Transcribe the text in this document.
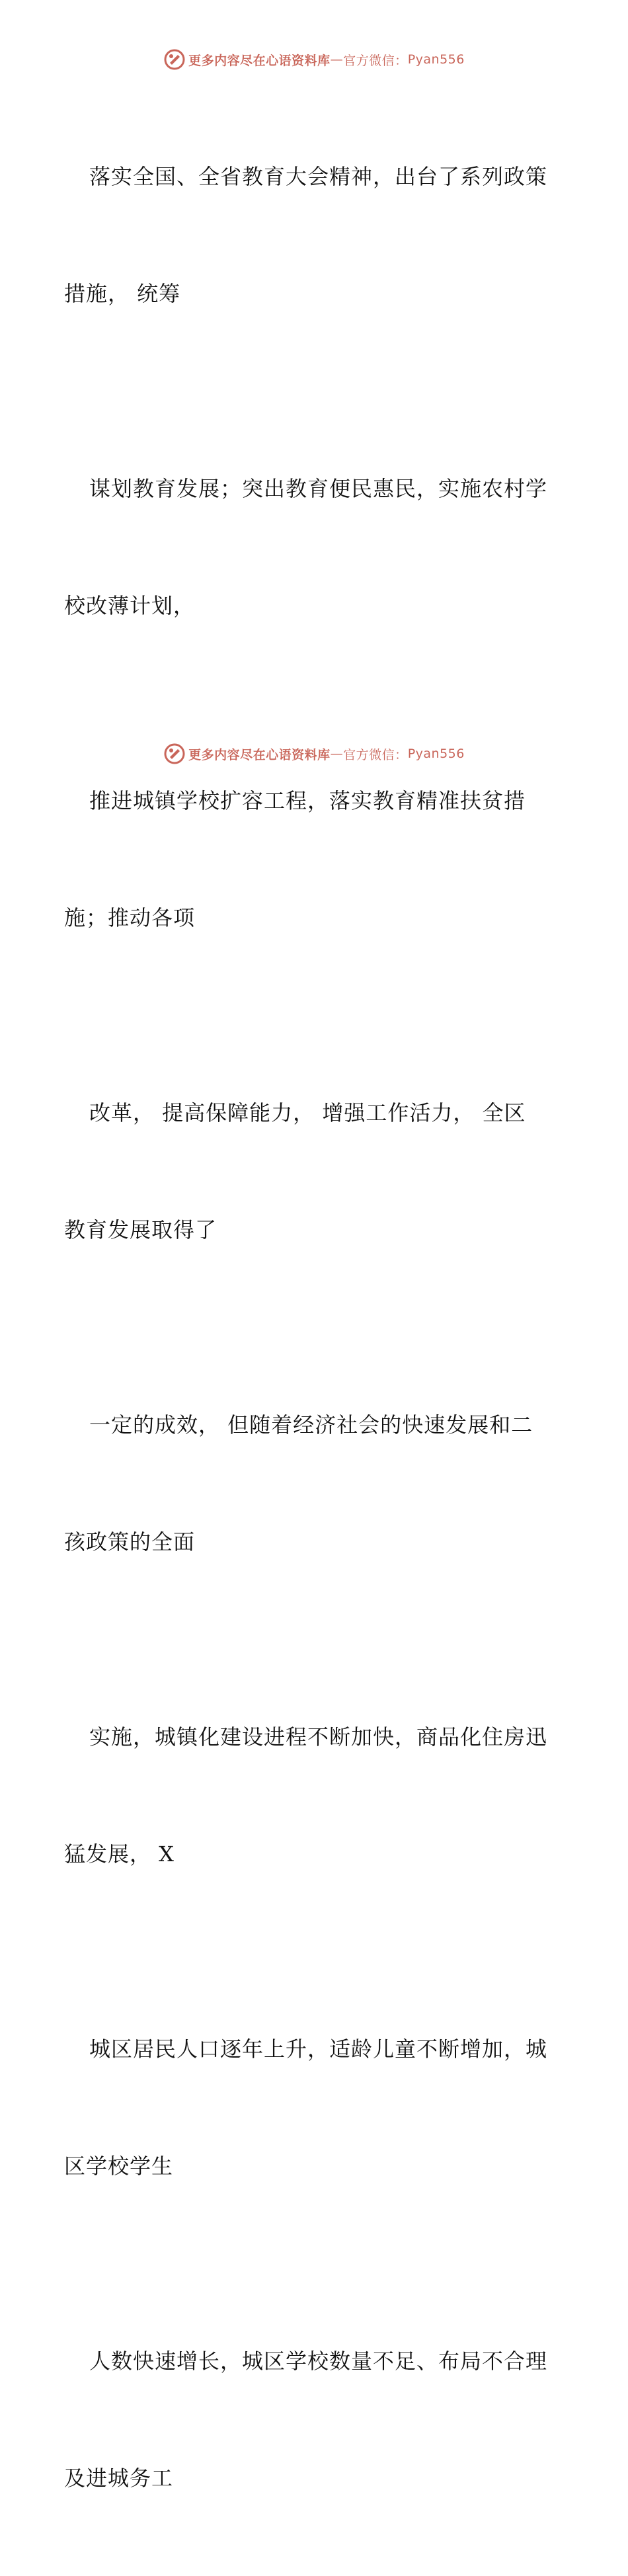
更多内容尽在心语资料库 — 官方微信： Pyan556

落实全国、全省教育大会精神，出台了系列政策

措施， 统筹

谋划教育发展；突出教育便民惠民，实施农村学

校改薄计划，

推进城镇学校扩容工程，落实教育精准扶贫措

施；推动各项

改革， 提高保障能力， 增强工作活力， 全区

教育发展取得了

一定的成效， 但随着经济社会的快速发展和二

孩政策的全面

实施，城镇化建设进程不断加快，商品化住房迅

猛发展， X

城区居民人口逐年上升，适龄儿童不断增加，城

区学校学生

人数快速增长，城区学校数量不足、布局不合理

及进城务工

更多内容尽在心语资料库 — 官方微信： Pyan556
